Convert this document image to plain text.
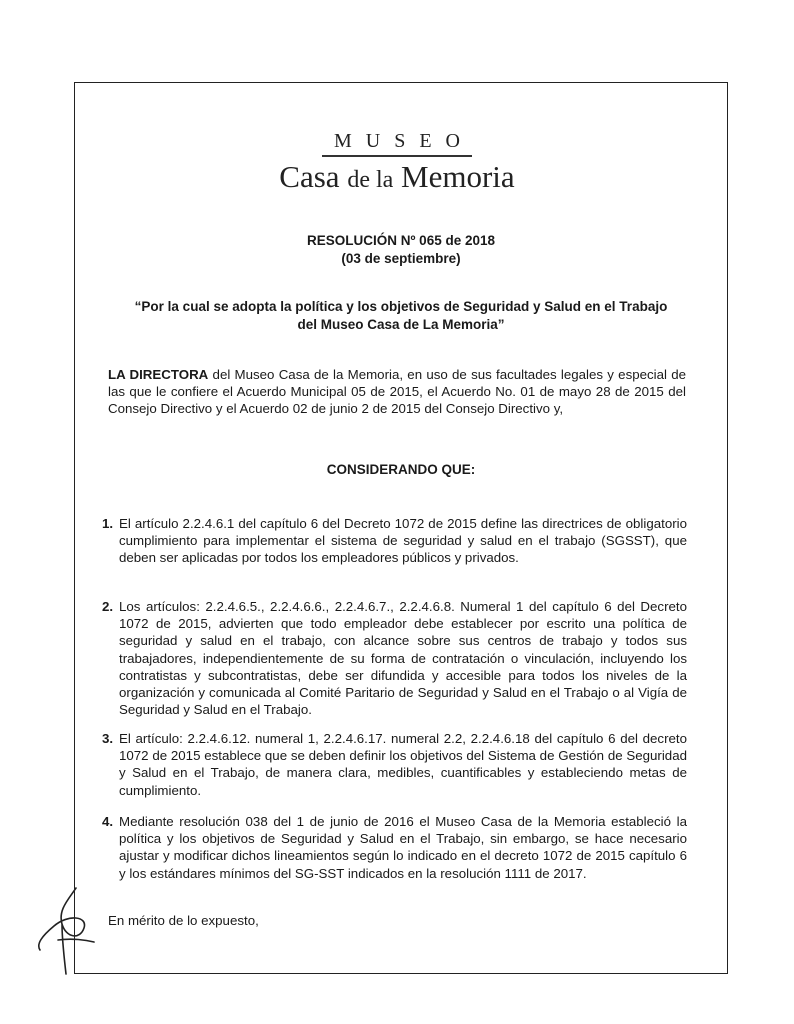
MUSEO
Casa de la Memoria
RESOLUCIÓN Nº 065 de 2018
(03 de septiembre)
“Por la cual se adopta la política y los objetivos de Seguridad y Salud en el Trabajo
del Museo Casa de La Memoria”
LA DIRECTORA del Museo Casa de la Memoria, en uso de sus facultades legales y especial de las que le confiere el Acuerdo Municipal 05 de 2015, el Acuerdo No. 01 de mayo 28 de 2015 del Consejo Directivo y el Acuerdo 02 de junio 2 de 2015 del Consejo Directivo y,
CONSIDERANDO QUE:
1. El artículo 2.2.4.6.1 del capítulo 6 del Decreto 1072 de 2015 define las directrices de obligatorio cumplimiento para implementar el sistema de seguridad y salud en el trabajo (SGSST), que deben ser aplicadas por todos los empleadores públicos y privados.
2. Los artículos: 2.2.4.6.5., 2.2.4.6.6., 2.2.4.6.7., 2.2.4.6.8. Numeral 1 del capítulo 6 del Decreto 1072 de 2015, advierten que todo empleador debe establecer por escrito una política de seguridad y salud en el trabajo, con alcance sobre sus centros de trabajo y todos sus trabajadores, independientemente de su forma de contratación o vinculación, incluyendo los contratistas y subcontratistas, debe ser difundida y accesible para todos los niveles de la organización y comunicada al Comité Paritario de Seguridad y Salud en el Trabajo o al Vigía de Seguridad y Salud en el Trabajo.
3. El artículo: 2.2.4.6.12. numeral 1, 2.2.4.6.17. numeral 2.2, 2.2.4.6.18 del capítulo 6 del decreto 1072 de 2015 establece que se deben definir los objetivos del Sistema de Gestión de Seguridad y Salud en el Trabajo, de manera clara, medibles, cuantificables y estableciendo metas de cumplimiento.
4. Mediante resolución 038 del 1 de junio de 2016 el Museo Casa de la Memoria estableció la política y los objetivos de Seguridad y Salud en el Trabajo, sin embargo, se hace necesario ajustar y modificar dichos lineamientos según lo indicado en el decreto 1072 de 2015 capítulo 6 y los estándares mínimos del SG-SST indicados en la resolución 1111 de 2017.
En mérito de lo expuesto,
